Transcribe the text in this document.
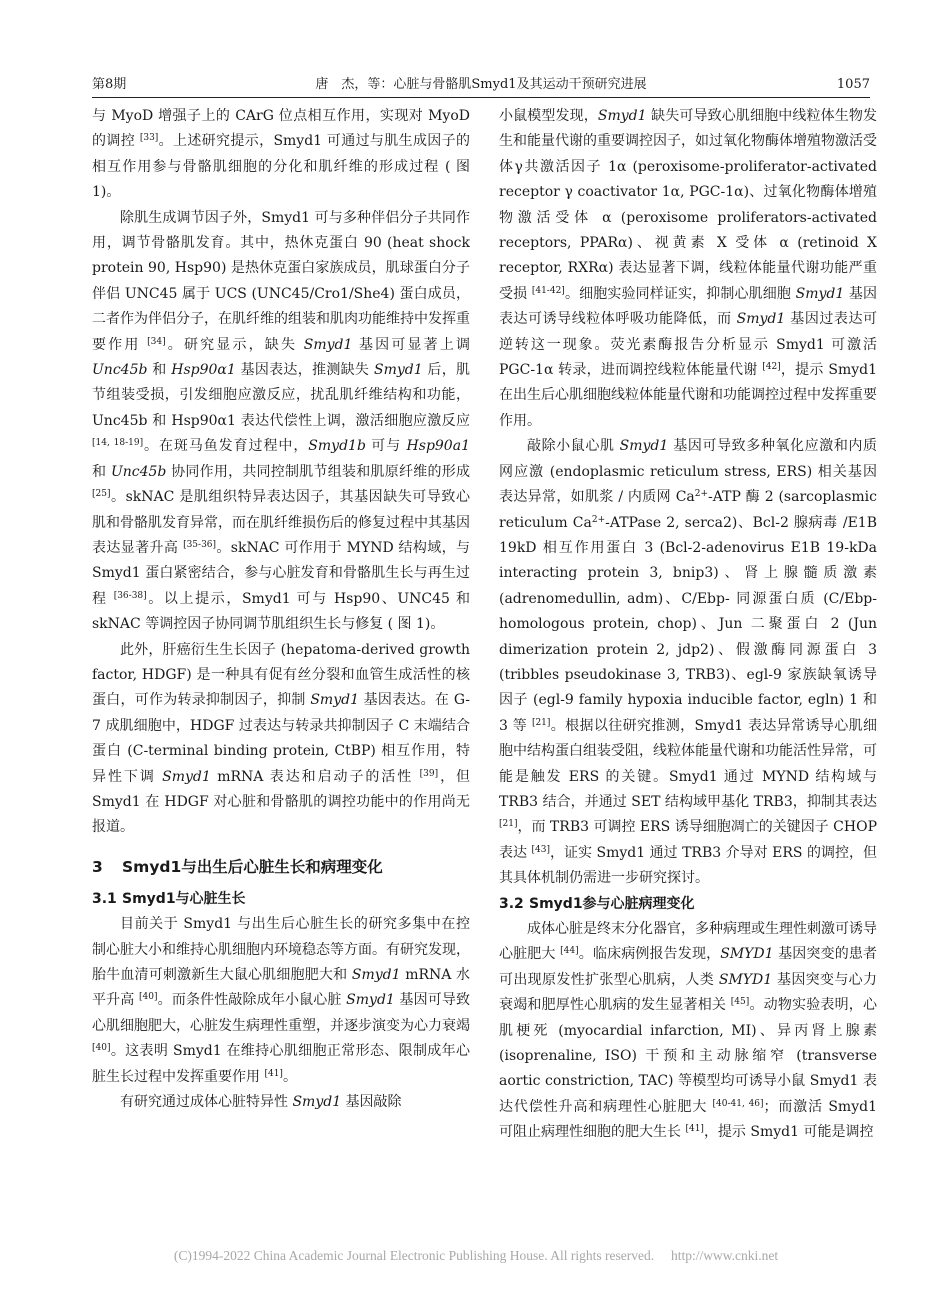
第8期	唐　杰，等：心脏与骨骼肌Smyd1及其运动干预研究进展	1057

与 MyoD 增强子上的 CArG 位点相互作用，实现对 MyoD 的调控 [33]。上述研究提示，Smyd1 可通过与肌生成因子的相互作用参与骨骼肌细胞的分化和肌纤维的形成过程 ( 图 1)。

除肌生成调节因子外，Smyd1 可与多种伴侣分子共同作用，调节骨骼肌发育。其中，热休克蛋白 90 (heat shock protein 90, Hsp90) 是热休克蛋白家族成员，肌球蛋白分子伴侣 UNC45 属于 UCS (UNC45/Cro1/She4) 蛋白成员，二者作为伴侣分子，在肌纤维的组装和肌肉功能维持中发挥重要作用 [34]。研究显示，缺失 Smyd1 基因可显著上调 Unc45b 和 Hsp90α1 基因表达，推测缺失 Smyd1 后，肌节组装受损，引发细胞应激反应，扰乱肌纤维结构和功能，Unc45b 和 Hsp90α1 表达代偿性上调，激活细胞应激反应 [14, 18-19]。在斑马鱼发育过程中，Smyd1b 可与 Hsp90a1 和 Unc45b 协同作用，共同控制肌节组装和肌原纤维的形成 [25]。skNAC 是肌组织特异表达因子，其基因缺失可导致心肌和骨骼肌发育异常，而在肌纤维损伤后的修复过程中其基因表达显著升高 [35-36]。skNAC 可作用于 MYND 结构域，与 Smyd1 蛋白紧密结合，参与心脏发育和骨骼肌生长与再生过程 [36-38]。以上提示，Smyd1 可与 Hsp90、UNC45 和 skNAC 等调控因子协同调节肌组织生长与修复 ( 图 1)。

此外，肝癌衍生生长因子 (hepatoma-derived growth factor, HDGF) 是一种具有促有丝分裂和血管生成活性的核蛋白，可作为转录抑制因子，抑制 Smyd1 基因表达。在 G-7 成肌细胞中，HDGF 过表达与转录共抑制因子 C 末端结合蛋白 (C-terminal binding protein, CtBP) 相互作用，特异性下调 Smyd1 mRNA 表达和启动子的活性 [39]，但 Smyd1 在 HDGF 对心脏和骨骼肌的调控功能中的作用尚无报道。

3 Smyd1与出生后心脏生长和病理变化
3.1 Smyd1与心脏生长

目前关于 Smyd1 与出生后心脏生长的研究多集中在控制心脏大小和维持心肌细胞内环境稳态等方面。有研究发现，胎牛血清可刺激新生大鼠心肌细胞肥大和 Smyd1 mRNA 水平升高 [40]。而条件性敲除成年小鼠心脏 Smyd1 基因可导致心肌细胞肥大，心脏发生病理性重塑，并逐步演变为心力衰竭 [40]。这表明 Smyd1 在维持心肌细胞正常形态、限制成年心脏生长过程中发挥重要作用 [41]。

有研究通过成体心脏特异性 Smyd1 基因敲除

小鼠模型发现，Smyd1 缺失可导致心肌细胞中线粒体生物发生和能量代谢的重要调控因子，如过氧化物酶体增殖物激活受体γ共激活因子 1α (peroxisome-proliferator-activated receptor γ coactivator 1α, PGC-1α)、过氧化物酶体增殖物激活受体 α (peroxisome proliferators-activated receptors, PPARα)、视黄素 X 受体 α (retinoid X receptor, RXRα) 表达显著下调，线粒体能量代谢功能严重受损 [41-42]。细胞实验同样证实，抑制心肌细胞 Smyd1 基因表达可诱导线粒体呼吸功能降低，而 Smyd1 基因过表达可逆转这一现象。荧光素酶报告分析显示 Smyd1 可激活 PGC-1α 转录，进而调控线粒体能量代谢 [42]，提示 Smyd1 在出生后心肌细胞线粒体能量代谢和功能调控过程中发挥重要作用。

敲除小鼠心肌 Smyd1 基因可导致多种氧化应激和内质网应激 (endoplasmic reticulum stress, ERS) 相关基因表达异常，如肌浆 / 内质网 $Ca^{2+}$-ATP 酶 2 (sarcoplasmic reticulum $Ca^{2+}$-ATPase 2, serca2)、Bcl-2 腺病毒 /E1B 19kD 相互作用蛋白 3 (Bcl-2-adenovirus E1B 19-kDa interacting protein 3, bnip3)、肾上腺髓质激素 (adrenomedullin, adm)、C/Ebp- 同源蛋白质 (C/Ebp-homologous protein, chop)、Jun 二聚蛋白 2 (Jun dimerization protein 2, jdp2)、假激酶同源蛋白 3 (tribbles pseudokinase 3, TRB3)、egl-9 家族缺氧诱导因子 (egl-9 family hypoxia inducible factor, egln) 1 和 3 等 [21]。根据以往研究推测，Smyd1 表达异常诱导心肌细胞中结构蛋白组装受阻，线粒体能量代谢和功能活性异常，可能是触发 ERS 的关键。Smyd1 通过 MYND 结构域与 TRB3 结合，并通过 SET 结构域甲基化 TRB3，抑制其表达 [21]，而 TRB3 可调控 ERS 诱导细胞凋亡的关键因子 CHOP 表达 [43]，证实 Smyd1 通过 TRB3 介导对 ERS 的调控，但其具体机制仍需进一步研究探讨。

3.2 Smyd1参与心脏病理变化

成体心脏是终末分化器官，多种病理或生理性刺激可诱导心脏肥大 [44]。临床病例报告发现，SMYD1 基因突变的患者可出现原发性扩张型心肌病，人类 SMYD1 基因突变与心力衰竭和肥厚性心肌病的发生显著相关 [45]。动物实验表明，心肌梗死 (myocardial infarction, MI)、异丙肾上腺素 (isoprenaline, ISO) 干预和主动脉缩窄 (transverse aortic constriction, TAC) 等模型均可诱导小鼠 Smyd1 表达代偿性升高和病理性心脏肥大 [40-41, 46]；而激活 Smyd1 可阻止病理性细胞的肥大生长 [41]，提示 Smyd1 可能是调控

(C)1994-2022 China Academic Journal Electronic Publishing House. All rights reserved.　 http://www.cnki.net
